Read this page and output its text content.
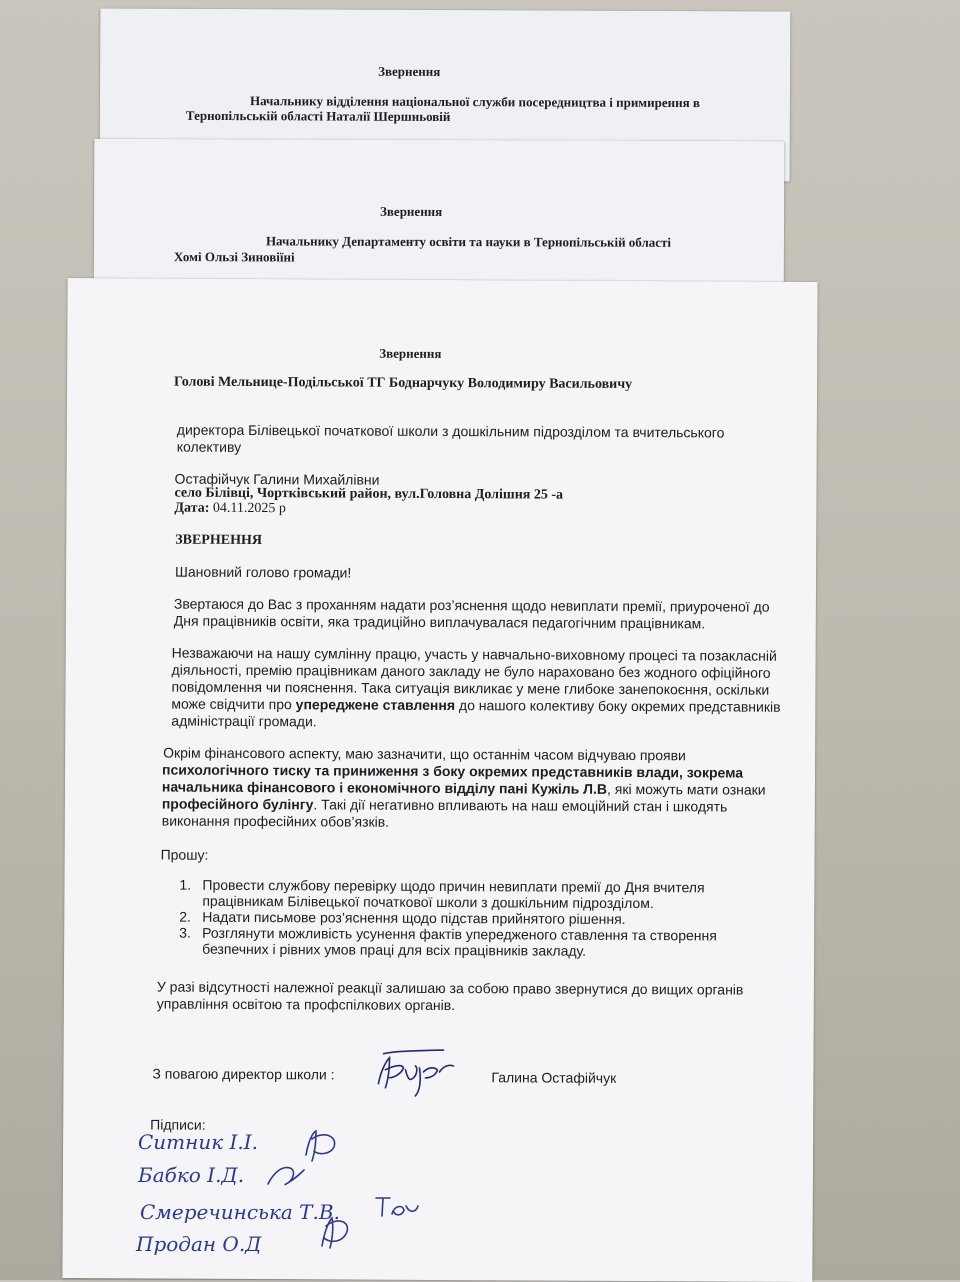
Звернення
Начальнику відділення національної служби посередництва і примирення в
Тернопільській області Наталії Шершньовій
Звернення
Начальнику Департаменту освіти та науки в Тернопільській області
Хомі Ользі Зиновіїні
Звернення
Голові Мельнице-Подільської ТГ Боднарчуку Володимиру Васильовичу
директора Білівецької початкової школи з дошкільним підрозділом та вчительського
колективу
Остафійчук Галини Михайлівни
село Білівці, Чортківський район, вул.Головна Долішня 25 -а
Дата: 04.11.2025 р
ЗВЕРНЕННЯ
Шановний голово громади!
Звертаюся до Вас з проханням надати роз’яснення щодо невиплати премії, приуроченої до
Дня працівників освіти, яка традиційно виплачувалася педагогічним працівникам.
Незважаючи на нашу сумлінну працю, участь у навчально-виховному процесі та позакласній
діяльності, премію працівникам даного закладу не було нараховано без жодного офіційного
повідомлення чи пояснення. Така ситуація викликає у мене глибоке занепокоєння, оскільки
може свідчити про упереджене ставлення до нашого колективу боку окремих представників
адміністрації громади.
Окрім фінансового аспекту, маю зазначити, що останнім часом відчуваю прояви
психологічного тиску та приниження з боку окремих представників влади, зокрема
начальника фінансового і економічного відділу пані Кужіль Л.В, які можуть мати ознаки
професійного булінгу. Такі дії негативно впливають на наш емоційний стан і шкодять
виконання професійних обов’язків.
Прошу:
1. Провести службову перевірку щодо причин невиплати премії до Дня вчителя
працівникам Білівецької початкової школи з дошкільним підрозділом.
2. Надати письмове роз’яснення щодо підстав прийнятого рішення.
3. Розглянути можливість усунення фактів упередженого ставлення та створення
безпечних і рівних умов праці для всіх працівників закладу.
У разі відсутності належної реакції залишаю за собою право звернутися до вищих органів
управління освітою та профспілкових органів.
З повагою директор школи :	Галина Остафійчук
Підписи:
Ситник І.І.
Бабко І.Д.
Смеречинська Т.В.
Продан О.Д
